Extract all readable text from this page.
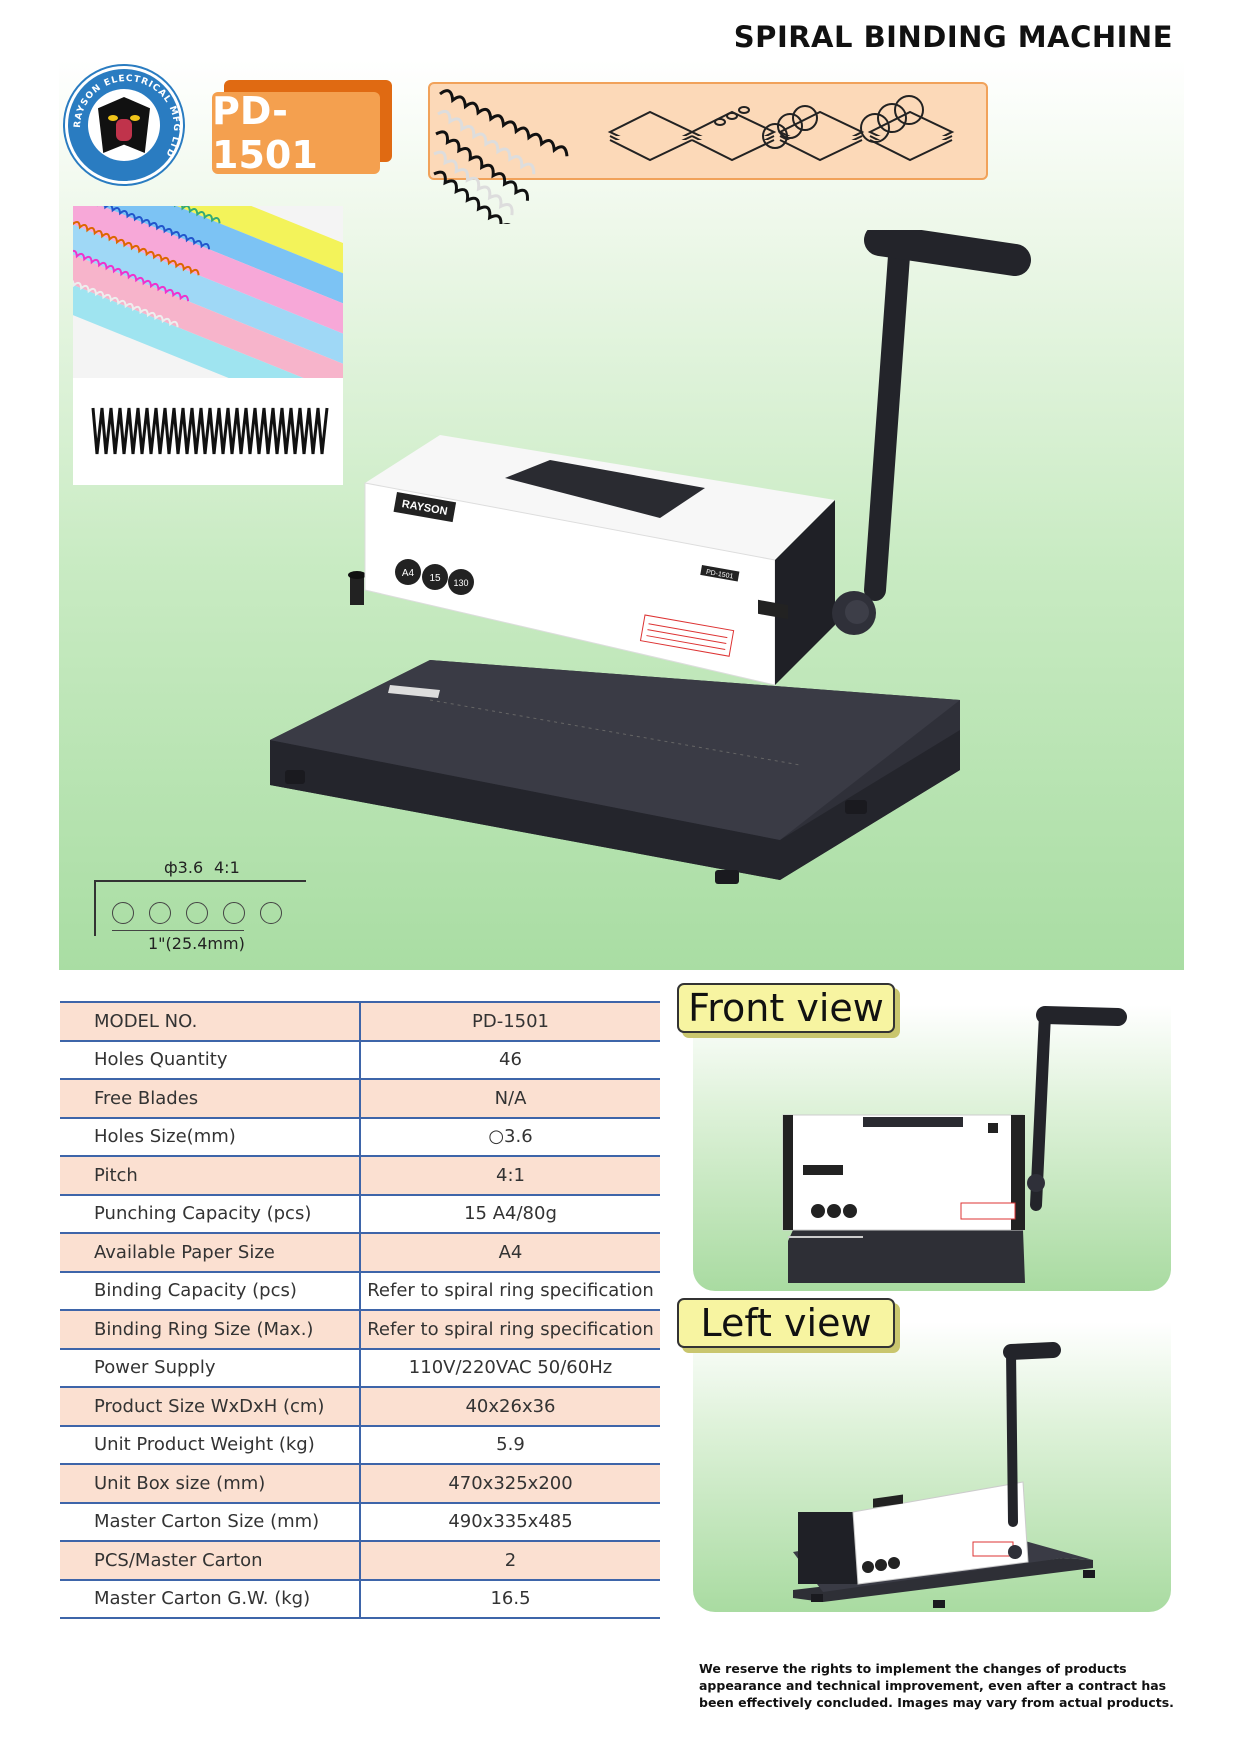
SPIRAL BINDING MACHINE
RAYSON ELECTRICAL MFG LTD
PD-1501
RAYSON
A4 15 130
PD-1501
ф3.6 4:1
1"(25.4mm)
MODEL NO.	PD-1501
Holes Quantity	46
Free Blades	N/A
Holes Size(mm)	○3.6
Pitch	4:1
Punching Capacity (pcs)	15 A4/80g
Available Paper Size	A4
Binding Capacity (pcs)	Refer to spiral ring specification
Binding Ring Size (Max.)	Refer to spiral ring specification
Power Supply	110V/220VAC 50/60Hz
Product Size WxDxH (cm)	40x26x36
Unit Product Weight (kg)	5.9
Unit Box size (mm)	470x325x200
Master Carton Size (mm)	490x335x485
PCS/Master Carton	2
Master Carton G.W. (kg)	16.5
Front view
Left view
We reserve the rights to implement the changes of products appearance and technical improvement, even after a contract has been effectively concluded. Images may vary from actual products.
